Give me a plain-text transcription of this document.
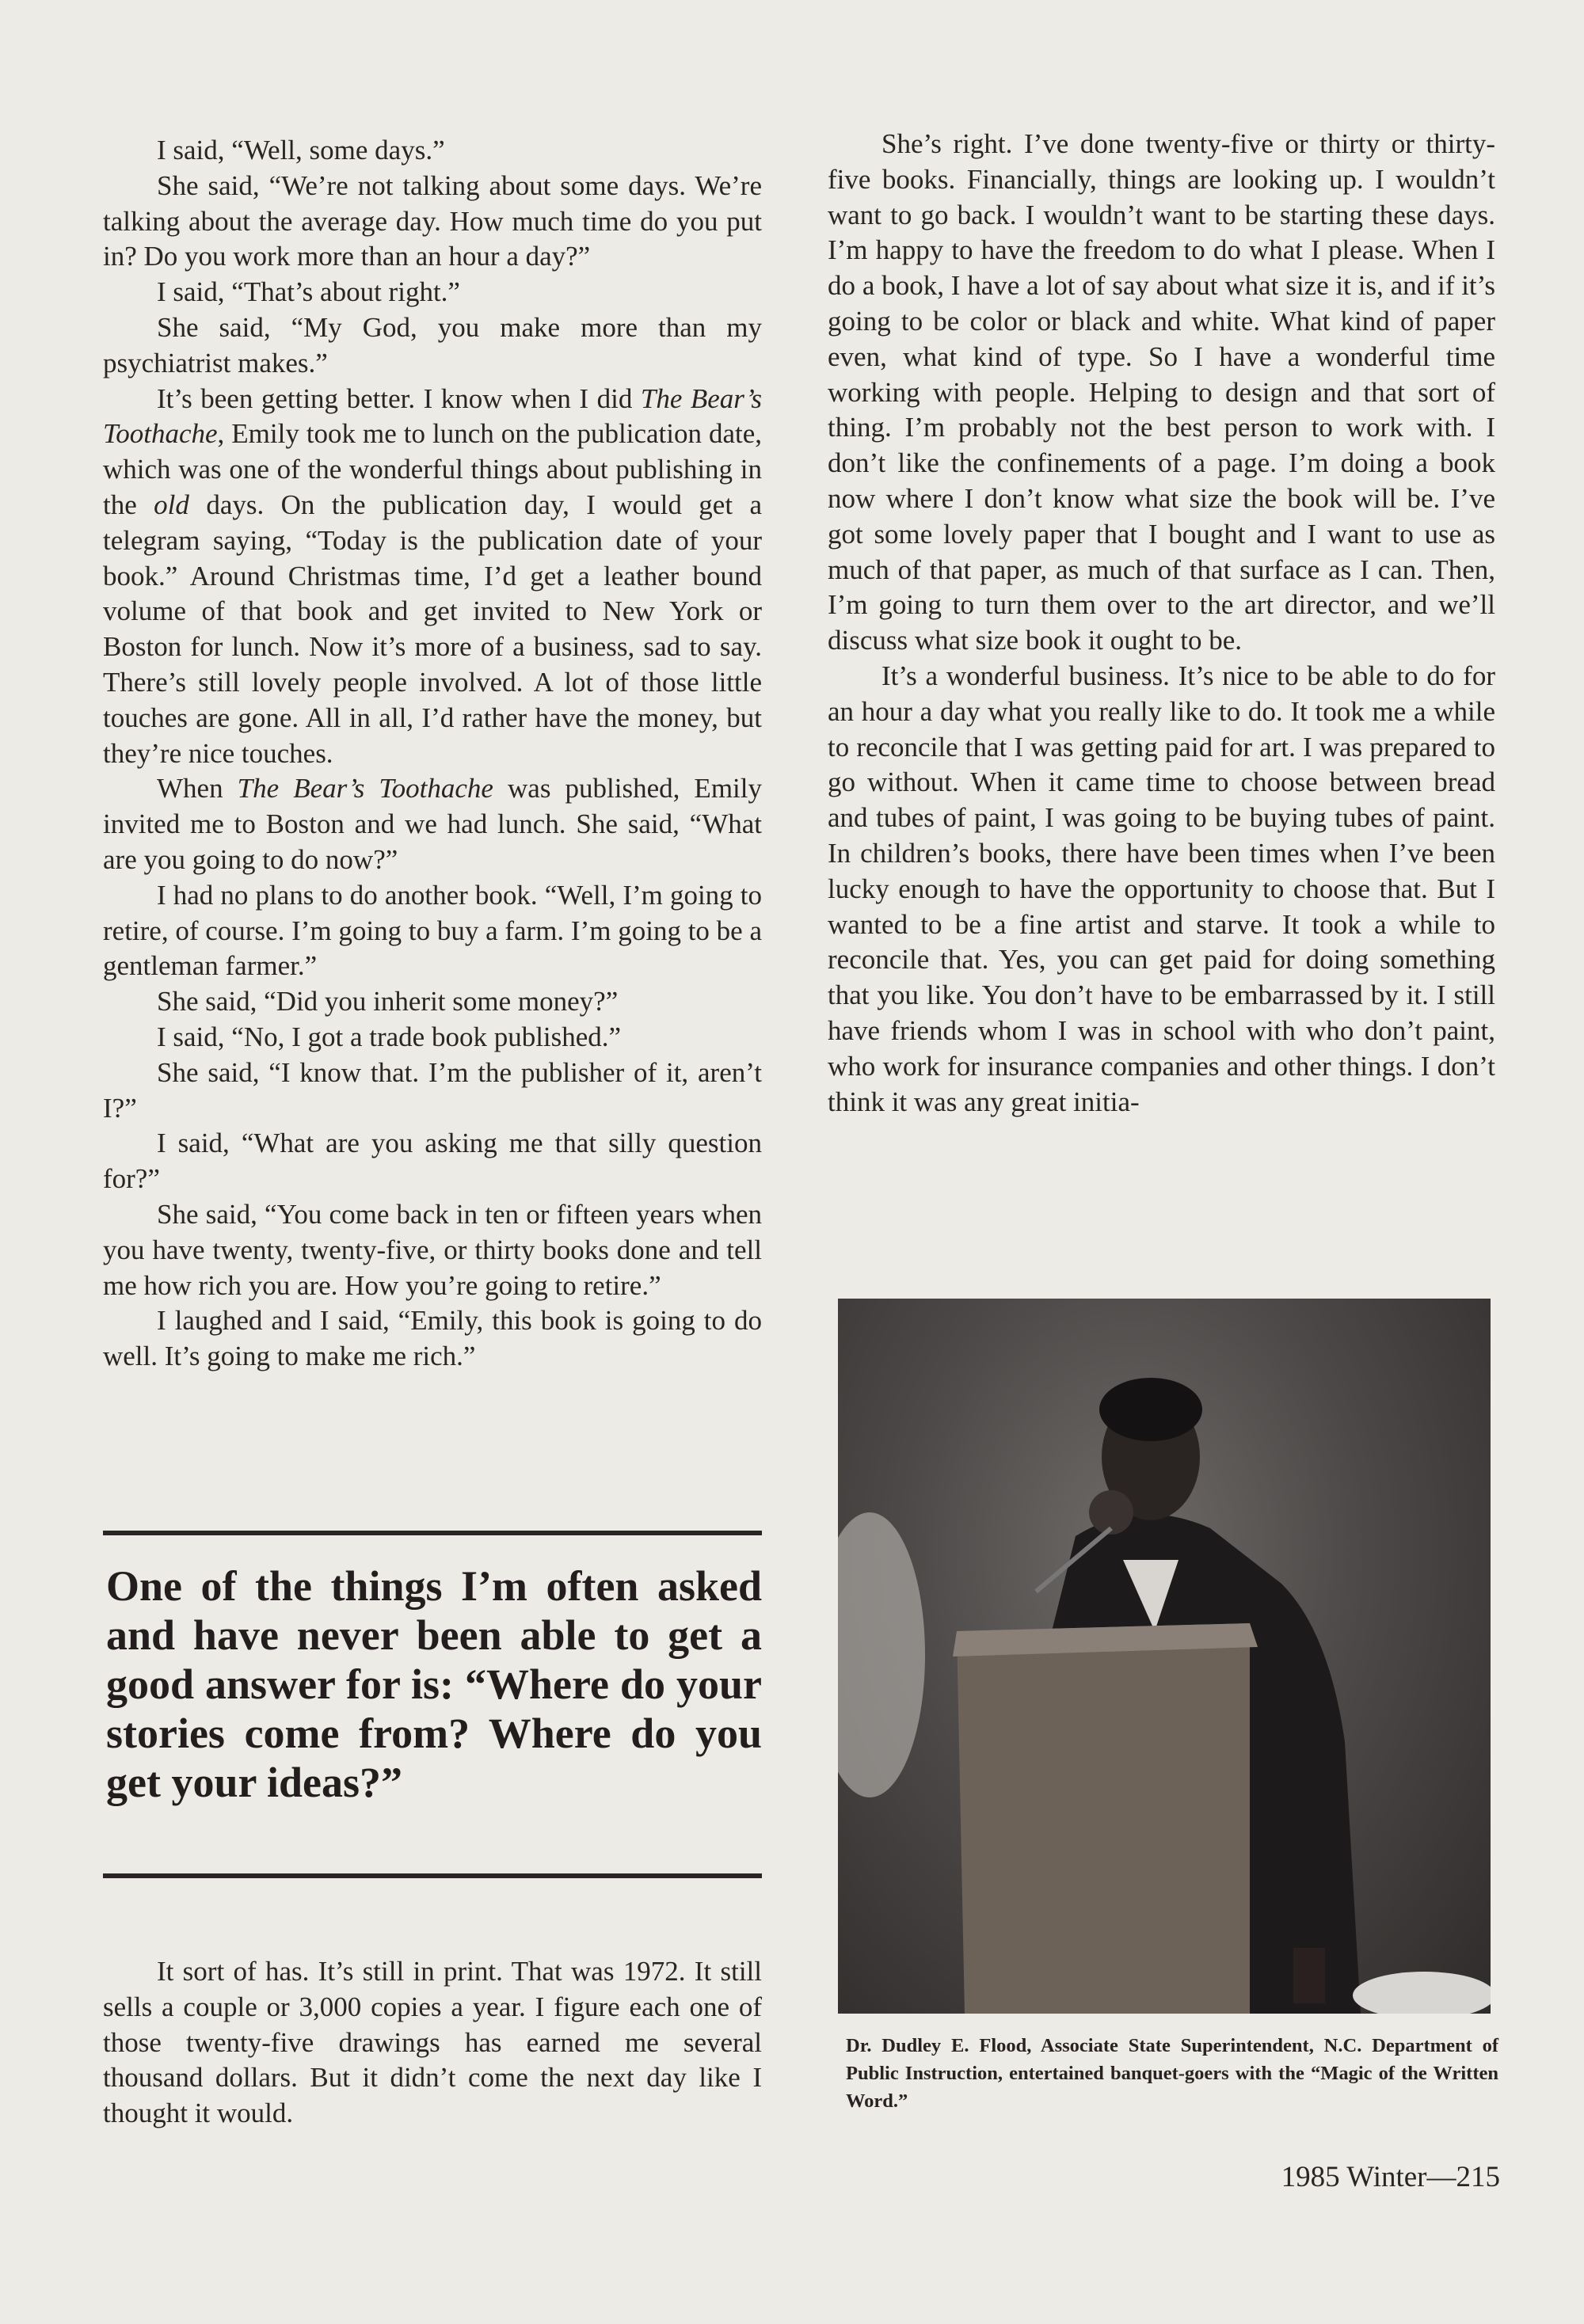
I said, “Well, some days.”

She said, “We’re not talking about some days. We’re talking about the average day. How much time do you put in? Do you work more than an hour a day?”

I said, “That’s about right.”

She said, “My God, you make more than my psychiatrist makes.”

It’s been getting better. I know when I did The Bear’s Toothache, Emily took me to lunch on the publication date, which was one of the wonderful things about publishing in the old days. On the publication day, I would get a telegram saying, “Today is the publication date of your book.” Around Christmas time, I’d get a leather bound volume of that book and get invited to New York or Boston for lunch. Now it’s more of a business, sad to say. There’s still lovely people involved. A lot of those little touches are gone. All in all, I’d rather have the money, but they’re nice touches.

When The Bear’s Toothache was published, Emily invited me to Boston and we had lunch. She said, “What are you going to do now?”

I had no plans to do another book. “Well, I’m going to retire, of course. I’m going to buy a farm. I’m going to be a gentleman farmer.”

She said, “Did you inherit some money?”

I said, “No, I got a trade book published.”

She said, “I know that. I’m the publisher of it, aren’t I?”

I said, “What are you asking me that silly question for?”

She said, “You come back in ten or fifteen years when you have twenty, twenty-five, or thirty books done and tell me how rich you are. How you’re going to retire.”

I laughed and I said, “Emily, this book is going to do well. It’s going to make me rich.”

One of the things I’m often asked and have never been able to get a good answer for is: “Where do your stories come from? Where do you get your ideas?”

It sort of has. It’s still in print. That was 1972. It still sells a couple or 3,000 copies a year. I figure each one of those twenty-five drawings has earned me several thousand dollars. But it didn’t come the next day like I thought it would.

She’s right. I’ve done twenty-five or thirty or thirty-five books. Financially, things are looking up. I wouldn’t want to go back. I wouldn’t want to be starting these days. I’m happy to have the freedom to do what I please. When I do a book, I have a lot of say about what size it is, and if it’s going to be color or black and white. What kind of paper even, what kind of type. So I have a wonderful time working with people. Helping to design and that sort of thing. I’m probably not the best person to work with. I don’t like the confinements of a page. I’m doing a book now where I don’t know what size the book will be. I’ve got some lovely paper that I bought and I want to use as much of that paper, as much of that surface as I can. Then, I’m going to turn them over to the art director, and we’ll discuss what size book it ought to be.

It’s a wonderful business. It’s nice to be able to do for an hour a day what you really like to do. It took me a while to reconcile that I was getting paid for art. I was prepared to go without. When it came time to choose between bread and tubes of paint, I was going to be buying tubes of paint. In children’s books, there have been times when I’ve been lucky enough to have the opportunity to choose that. But I wanted to be a fine artist and starve. It took a while to reconcile that. Yes, you can get paid for doing something that you like. You don’t have to be embarrassed by it. I still have friends whom I was in school with who don’t paint, who work for insurance companies and other things. I don’t think it was any great initia-

Dr. Dudley E. Flood, Associate State Superintendent, N.C. Department of Public Instruction, entertained banquet-goers with the “Magic of the Written Word.”
1985 Winter—215
